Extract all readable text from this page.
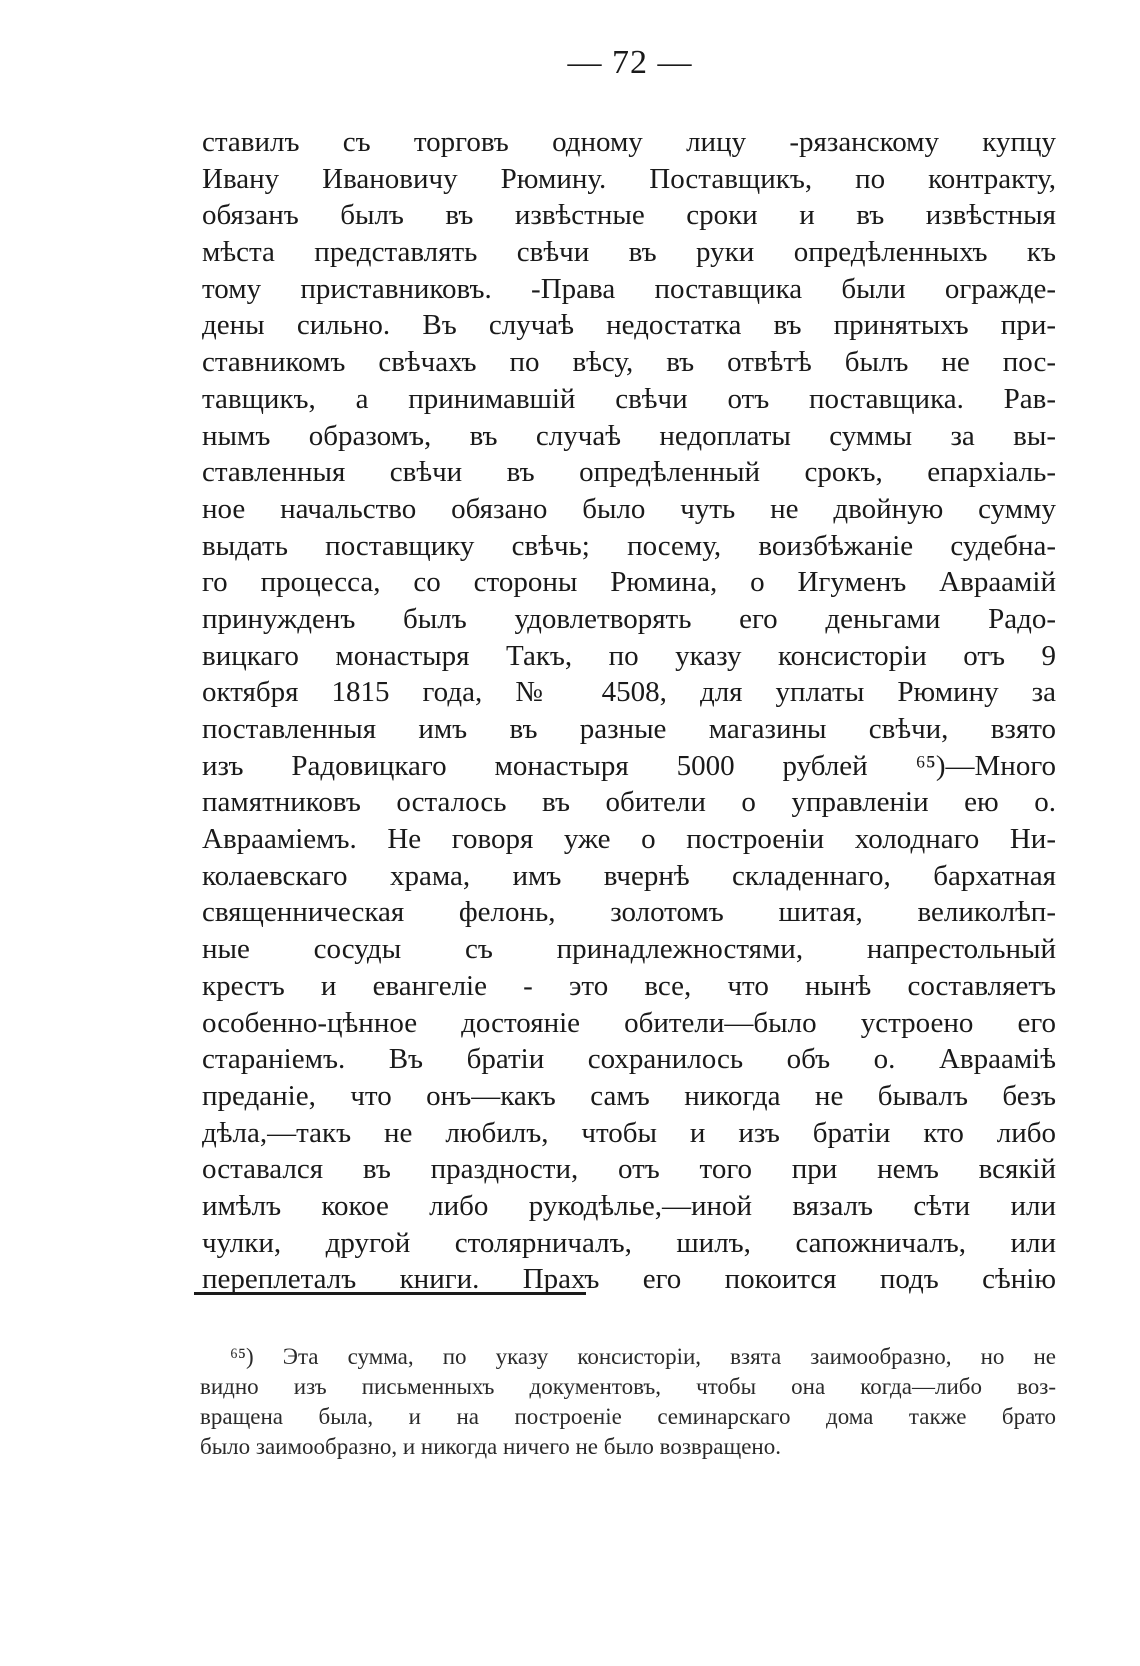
— 72 —
ставилъ съ торговъ одному лицу -рязанскому купцу
Ивану Ивановичу Рюмину. Поставщикъ, по контракту,
обязанъ былъ въ извѣстные сроки и въ извѣстныя
мѣста представлять свѣчи въ руки опредѣленныхъ къ
тому приставниковъ. -Права поставщика были огражде-
дены сильно. Въ случаѣ недостатка въ принятыхъ при-
ставникомъ свѣчахъ по вѣсу, въ отвѣтѣ былъ не пос-
тавщикъ, а принимавшій свѣчи отъ поставщика. Рав-
нымъ образомъ, въ случаѣ недоплаты суммы за вы-
ставленныя свѣчи въ опредѣленный срокъ, епархіаль-
ное начальство обязано было чуть не двойную сумму
выдать поставщику свѣчь; посему, воизбѣжаніе судебна-
го процесса, со стороны Рюмина, о Игуменъ Авраамій
принужденъ былъ удовлетворять его деньгами Радо-
вицкаго монастыря Такъ, по указу консисторіи отъ 9
октября 1815 года, № 4508, для уплаты Рюмину за
поставленныя имъ въ разные магазины свѣчи, взято
изъ Радовицкаго монастыря 5000 рублей ⁶⁵)—Много
памятниковъ осталось въ обители о управленіи ею о.
Авраамiемъ. Не говоря уже о построеніи холоднаго Ни-
колаевскаго храма, имъ вчернѣ складеннаго, бархатная
священническая фелонь, золотомъ шитая, великолѣп-
ные сосуды съ принадлежностями, напрестольный
крестъ и евангеліе - это все, что нынѣ составляетъ
особенно-цѣнное достояніе обители—было устроено его
стараніемъ. Въ братіи сохранилось объ о. Авраамiѣ
преданіе, что онъ—какъ самъ никогда не бывалъ безъ
дѣла,—такъ не любилъ, чтобы и изъ братіи кто либо
оставался въ праздности, отъ того при немъ всякій
имѣлъ кокое либо рукодѣлье,—иной вязалъ сѣти или
чулки, другой столярничалъ, шилъ, сапожничалъ, или
переплеталъ книги. Прахъ его покоится подъ сѣнію
⁶⁵) Эта сумма, по указу консисторіи, взята заимообразно, но не
видно изъ письменныхъ документовъ, чтобы она когда—либо воз-
вращена была, и на построеніе семинарскаго дома также брато
было заимообразно, и никогда ничего не было возвращено.
